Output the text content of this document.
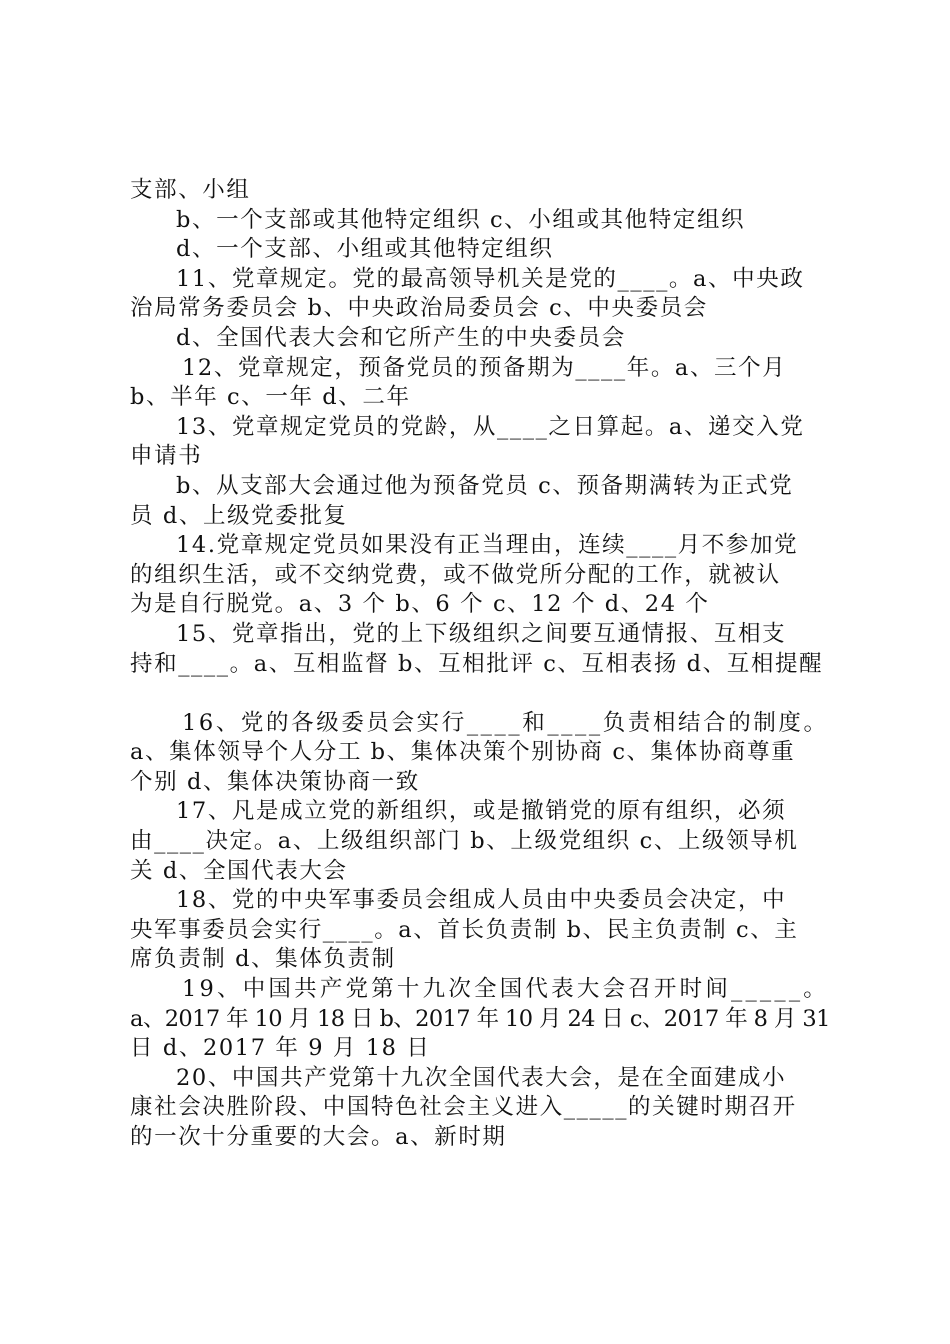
支部、小组
b、一个支部或其他特定组织 c、小组或其他特定组织
d、一个支部、小组或其他特定组织
11、党章规定。党的最高领导机关是党的____。a、中央政
治局常务委员会 b、中央政治局委员会 c、中央委员会
d、全国代表大会和它所产生的中央委员会
12、党章规定，预备党员的预备期为____年。a、三个月
b、半年 c、一年 d、二年
13、党章规定党员的党龄，从____之日算起。a、递交入党
申请书
b、从支部大会通过他为预备党员 c、预备期满转为正式党
员 d、上级党委批复
14.党章规定党员如果没有正当理由，连续____月不参加党
的组织生活，或不交纳党费，或不做党所分配的工作，就被认
为是自行脱党。a、3 个 b、6 个 c、12 个 d、24 个
15、党章指出，党的上下级组织之间要互通情报、互相支
持和____。a、互相监督 b、互相批评 c、互相表扬 d、互相提醒
16、党的各级委员会实行____和____负责相结合的制度。
a、集体领导个人分工 b、集体决策个别协商 c、集体协商尊重
个别 d、集体决策协商一致
17、凡是成立党的新组织，或是撤销党的原有组织，必须
由____决定。a、上级组织部门 b、上级党组织 c、上级领导机
关 d、全国代表大会
18、党的中央军事委员会组成人员由中央委员会决定，中
央军事委员会实行____。a、首长负责制 b、民主负责制 c、主
席负责制 d、集体负责制
19、中国共产党第十九次全国代表大会召开时间_____。
a、2017 年 10 月 18 日 b、2017 年 10 月 24 日 c、2017 年 8 月 31
日 d、2017 年 9 月 18 日
20、中国共产党第十九次全国代表大会，是在全面建成小
康社会决胜阶段、中国特色社会主义进入_____的关键时期召开
的一次十分重要的大会。a、新时期
